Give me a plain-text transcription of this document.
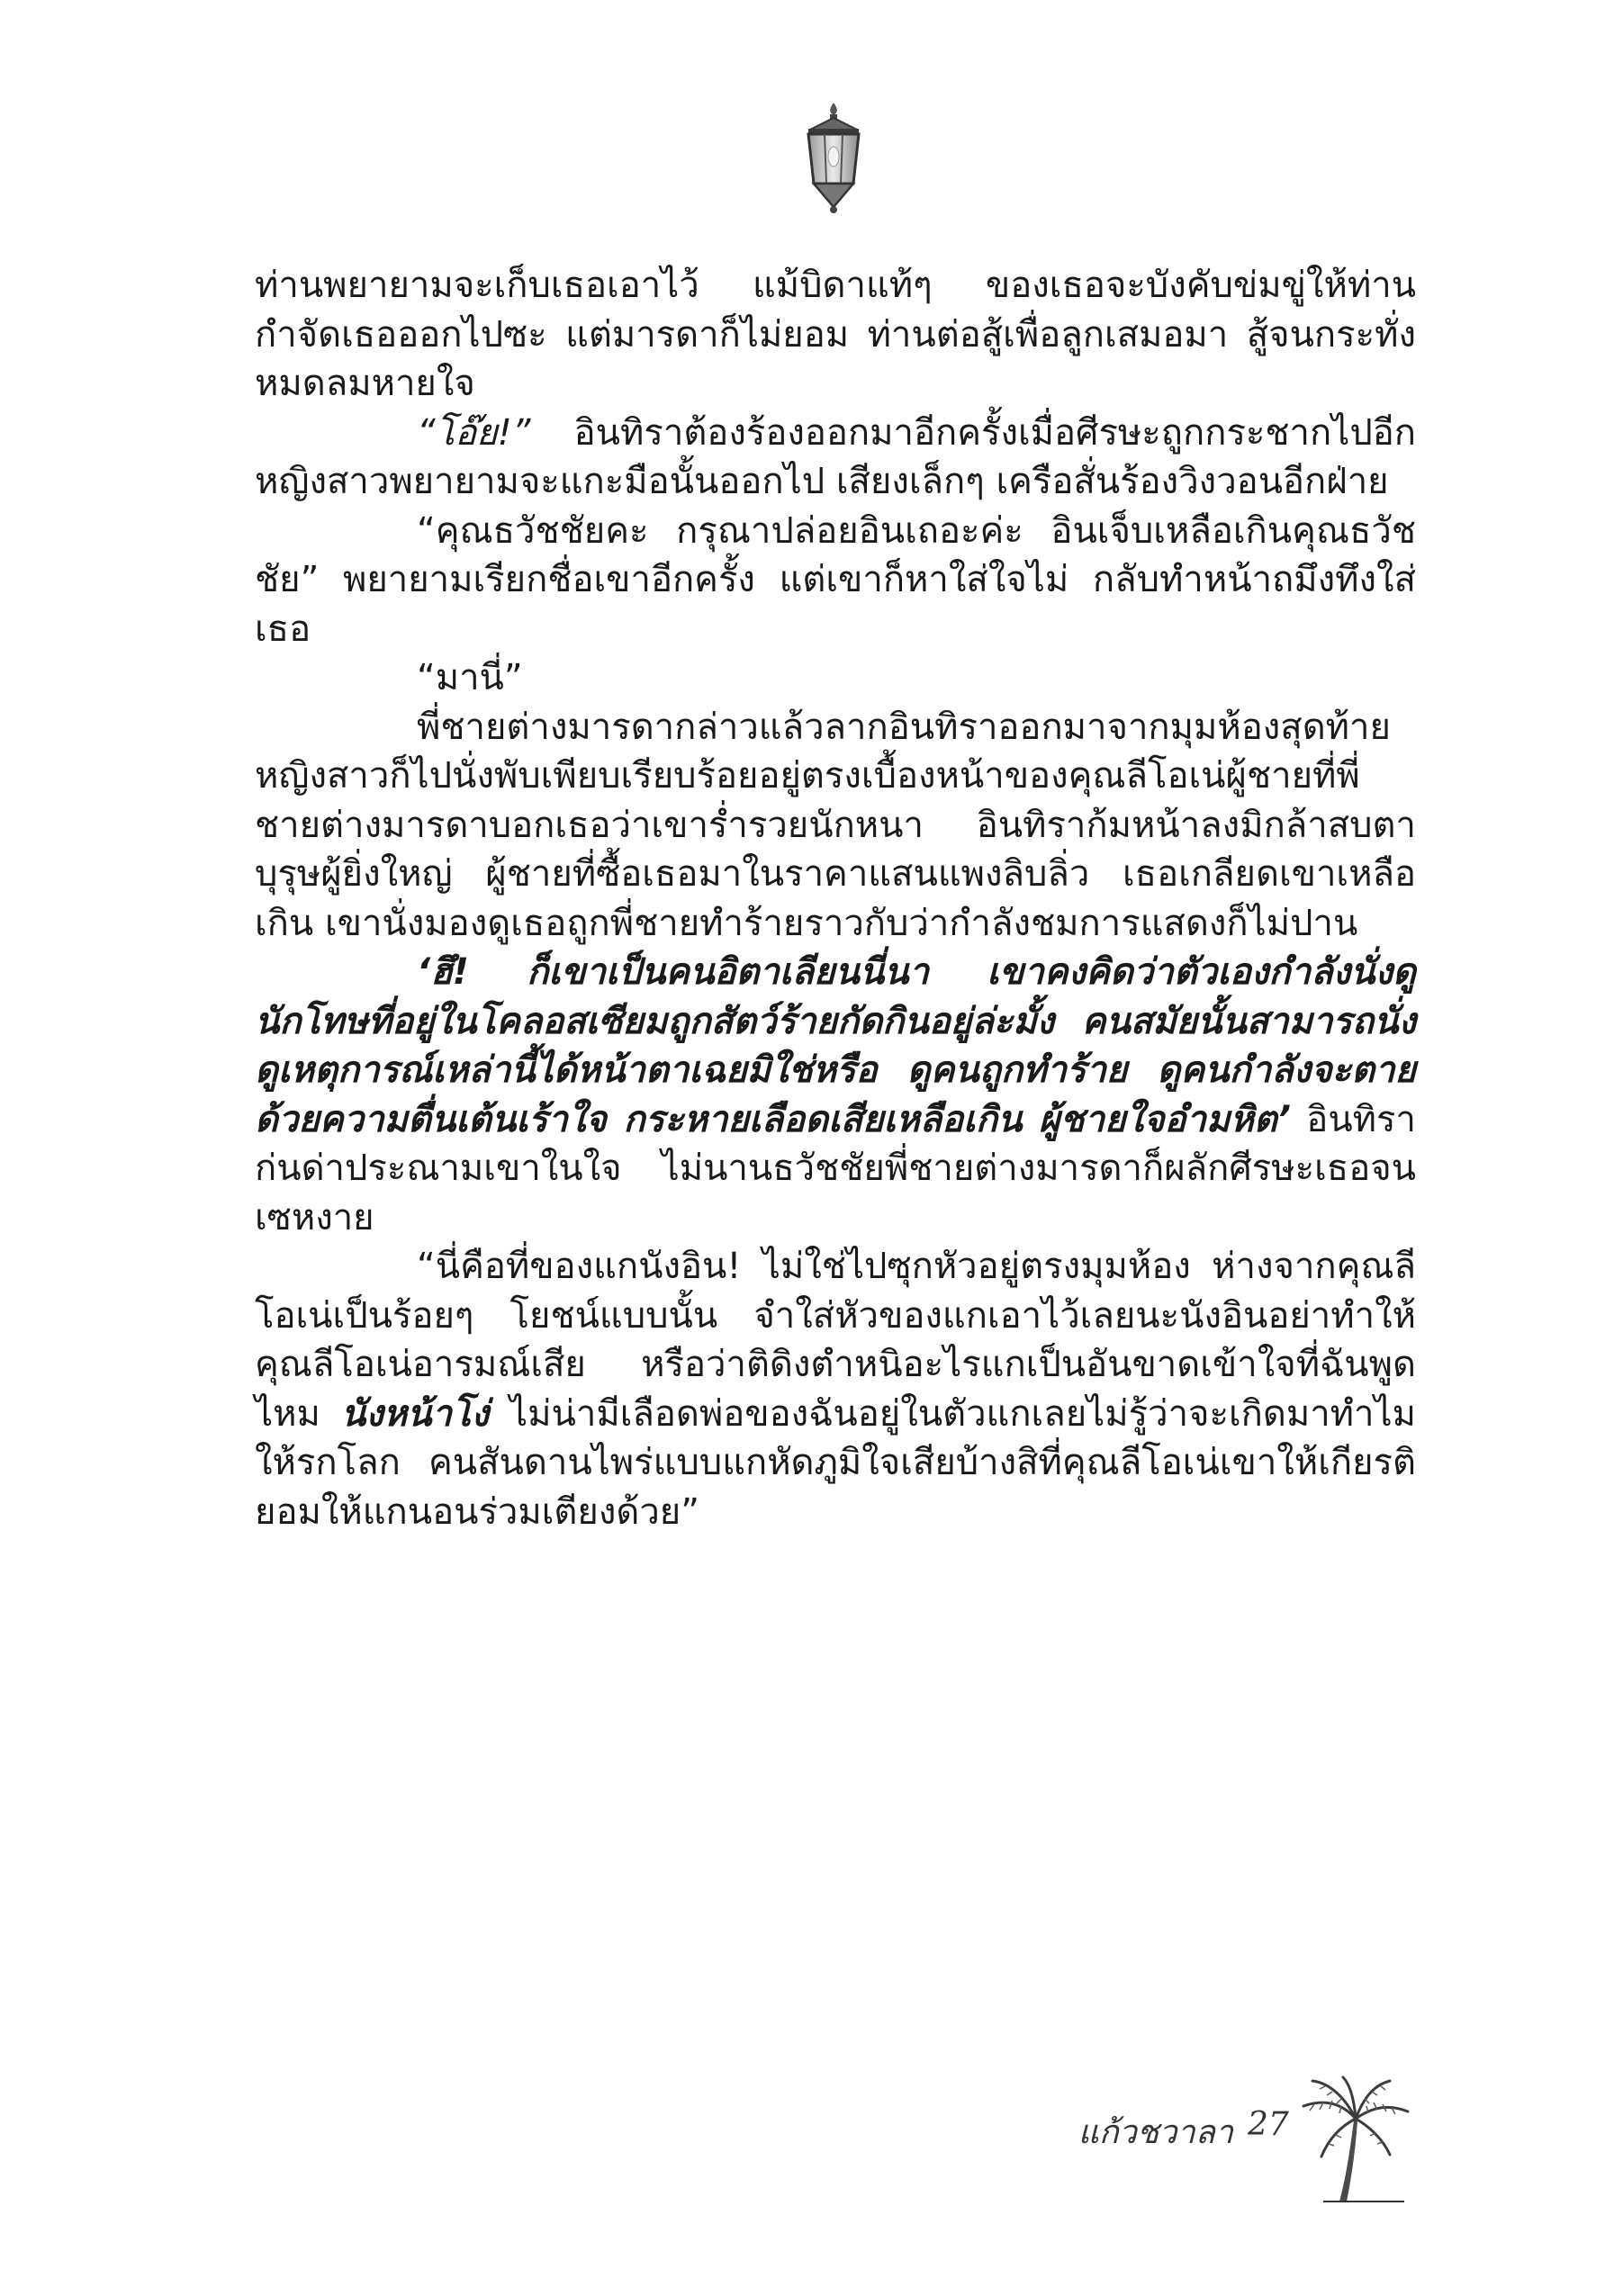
ท่านพยายามจะเก็บเธอเอาไว้ แม้บิดาแท้ๆ ของเธอจะบังคับข่มขู่ให้ท่านกำจัดเธอออกไปซะ แต่มารดาก็ไม่ยอม ท่านต่อสู้เพื่อลูกเสมอมา สู้จนกระทั่งหมดลมหายใจ

“โอ๊ย!” อินทิราต้องร้องออกมาอีกครั้งเมื่อศีรษะถูกกระชากไปอีก หญิงสาวพยายามจะแกะมือนั้นออกไป เสียงเล็กๆ เครือสั่นร้องวิงวอนอีกฝ่าย

“คุณธวัชชัยคะ กรุณาปล่อยอินเถอะค่ะ อินเจ็บเหลือเกินคุณธวัชชัย” พยายามเรียกชื่อเขาอีกครั้ง แต่เขาก็หาใส่ใจไม่ กลับทำหน้าถมึงทึงใส่เธอ

“มานี่”

พี่ชายต่างมารดากล่าวแล้วลากอินทิราออกมาจากมุมห้องสุดท้ายหญิงสาวก็ไปนั่งพับเพียบเรียบร้อยอยู่ตรงเบื้องหน้าของคุณลีโอเน่ผู้ชายที่พี่ชายต่างมารดาบอกเธอว่าเขาร่ำรวยนักหนา อินทิราก้มหน้าลงมิกล้าสบตาบุรุษผู้ยิ่งใหญ่ ผู้ชายที่ซื้อเธอมาในราคาแสนแพงลิบลิ่ว เธอเกลียดเขาเหลือเกิน เขานั่งมองดูเธอถูกพี่ชายทำร้ายราวกับว่ากำลังชมการแสดงก็ไม่ปาน

‘ฮึ! ก็เขาเป็นคนอิตาเลียนนี่นา เขาคงคิดว่าตัวเองกำลังนั่งดูนักโทษที่อยู่ในโคลอสเซียมถูกสัตว์ร้ายกัดกินอยู่ล่ะมั้ง คนสมัยนั้นสามารถนั่งดูเหตุการณ์เหล่านี้ได้หน้าตาเฉยมิใช่หรือ ดูคนถูกทำร้าย ดูคนกำลังจะตายด้วยความตื่นเต้นเร้าใจ กระหายเลือดเสียเหลือเกิน ผู้ชายใจอำมหิต’ อินทิราก่นด่าประณามเขาในใจ ไม่นานธวัชชัยพี่ชายต่างมารดาก็ผลักศีรษะเธอจนเซหงาย

“นี่คือที่ของแกนังอิน! ไม่ใช่ไปซุกหัวอยู่ตรงมุมห้อง ห่างจากคุณลีโอเน่เป็นร้อยๆ โยชน์แบบนั้น จำใส่หัวของแกเอาไว้เลยนะนังอินอย่าทำให้คุณลีโอเน่อารมณ์เสีย หรือว่าติดิงตำหนิอะไรแกเป็นอันขาดเข้าใจที่ฉันพูดไหม นังหน้าโง่ ไม่น่ามีเลือดพ่อของฉันอยู่ในตัวแกเลยไม่รู้ว่าจะเกิดมาทำไมให้รกโลก คนสันดานไพร่แบบแกหัดภูมิใจเสียบ้างสิที่คุณลีโอเน่เขาให้เกียรติยอมให้แกนอนร่วมเตียงด้วย”

แก้วชวาลา 27
